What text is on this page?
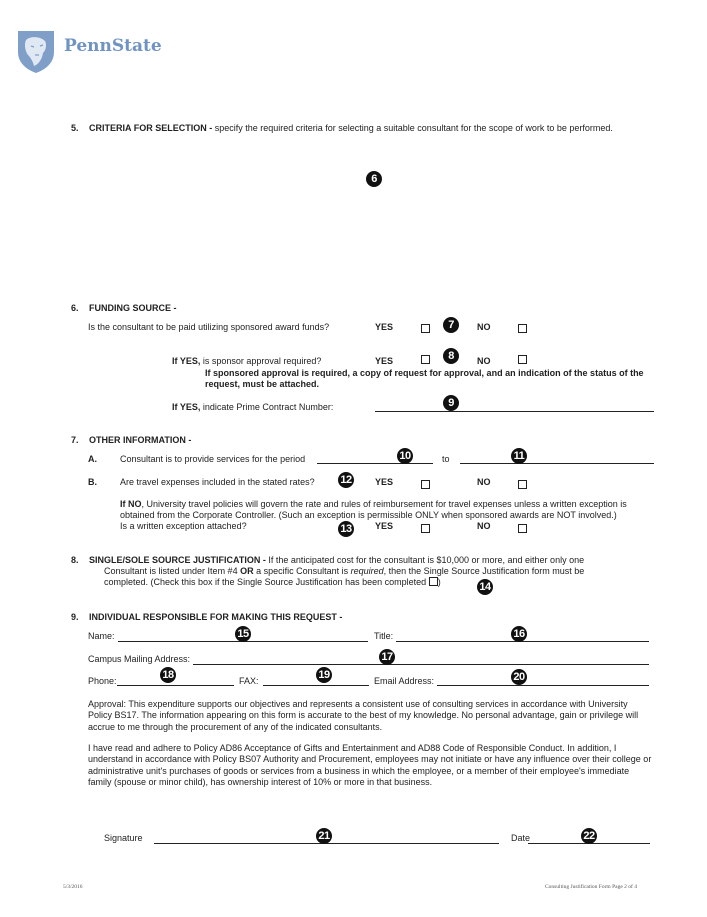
PennState
5. CRITERIA FOR SELECTION - specify the required criteria for selecting a suitable consultant for the scope of work to be performed.
6
6. FUNDING SOURCE -
Is the consultant to be paid utilizing sponsored award funds?	YES	7	NO
If YES, is sponsor approval required?	YES	8	NO
If sponsored approval is required, a copy of request for approval, and an indication of the status of the request, must be attached.
If YES, indicate Prime Contract Number:	9
7. OTHER INFORMATION -
A.	Consultant is to provide services for the period	10	to	11
B.	Are travel expenses included in the stated rates? 12	YES	NO
If NO, University travel policies will govern the rate and rules of reimbursement for travel expenses unless a written exception is obtained from the Corporate Controller. (Such an exception is permissible ONLY when sponsored awards are NOT involved.)
Is a written exception attached?	13	YES	NO
8. SINGLE/SOLE SOURCE JUSTIFICATION - If the anticipated cost for the consultant is $10,000 or more, and either only one
Consultant is listed under Item #4 OR a specific Consultant is required, then the Single Source Justification form must be
completed. (Check this box if the Single Source Justification has been completed )	14
9. INDIVIDUAL RESPONSIBLE FOR MAKING THIS REQUEST -
Name:	15	Title:	16
Campus Mailing Address:	17
Phone:	18	FAX:	19	Email Address:	20
Approval: This expenditure supports our objectives and represents a consistent use of consulting services in accordance with University Policy BS17. The information appearing on this form is accurate to the best of my knowledge. No personal advantage, gain or privilege will accrue to me through the procurement of any of the indicated consultants.
I have read and adhere to Policy AD86 Acceptance of Gifts and Entertainment and AD88 Code of Responsible Conduct. In addition, I understand in accordance with Policy BS07 Authority and Procurement, employees may not initiate or have any influence over their college or administrative unit's purchases of goods or services from a business in which the employee, or a member of their employee's immediate family (spouse or minor child), has ownership interest of 10% or more in that business.
Signature	21	Date	22
5/3/2016	Consulting Justification Form Page 2 of 4
